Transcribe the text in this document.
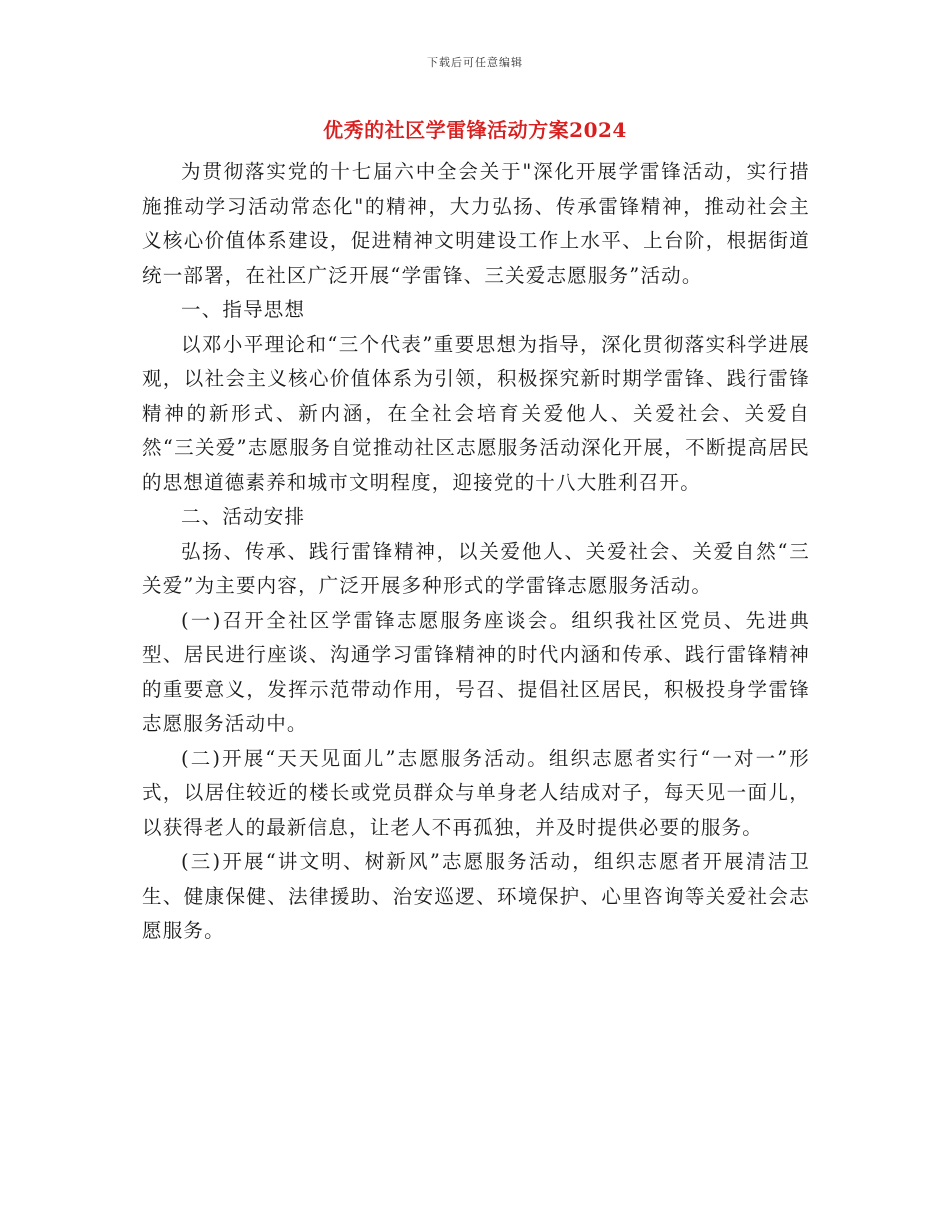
下载后可任意编辑
优秀的社区学雷锋活动方案2024

为贯彻落实党的十七届六中全会关于"深化开展学雷锋活动，实行措施推动学习活动常态化"的精神，大力弘扬、传承雷锋精神，推动社会主义核心价值体系建设，促进精神文明建设工作上水平、上台阶，根据街道统一部署，在社区广泛开展“学雷锋、三关爱志愿服务”活动。

一、指导思想

以邓小平理论和“三个代表”重要思想为指导，深化贯彻落实科学进展观，以社会主义核心价值体系为引领，积极探究新时期学雷锋、践行雷锋精神的新形式、新内涵，在全社会培育关爱他人、关爱社会、关爱自然“三关爱”志愿服务自觉推动社区志愿服务活动深化开展，不断提高居民的思想道德素养和城市文明程度，迎接党的十八大胜利召开。

二、活动安排

弘扬、传承、践行雷锋精神，以关爱他人、关爱社会、关爱自然“三关爱”为主要内容，广泛开展多种形式的学雷锋志愿服务活动。

(一)召开全社区学雷锋志愿服务座谈会。组织我社区党员、先进典型、居民进行座谈、沟通学习雷锋精神的时代内涵和传承、践行雷锋精神的重要意义，发挥示范带动作用，号召、提倡社区居民，积极投身学雷锋志愿服务活动中。

(二)开展“天天见面儿”志愿服务活动。组织志愿者实行“一对一”形式，以居住较近的楼长或党员群众与单身老人结成对子，每天见一面儿，以获得老人的最新信息，让老人不再孤独，并及时提供必要的服务。

(三)开展“讲文明、树新风”志愿服务活动，组织志愿者开展清洁卫生、健康保健、法律援助、治安巡逻、环境保护、心里咨询等关爱社会志愿服务。
